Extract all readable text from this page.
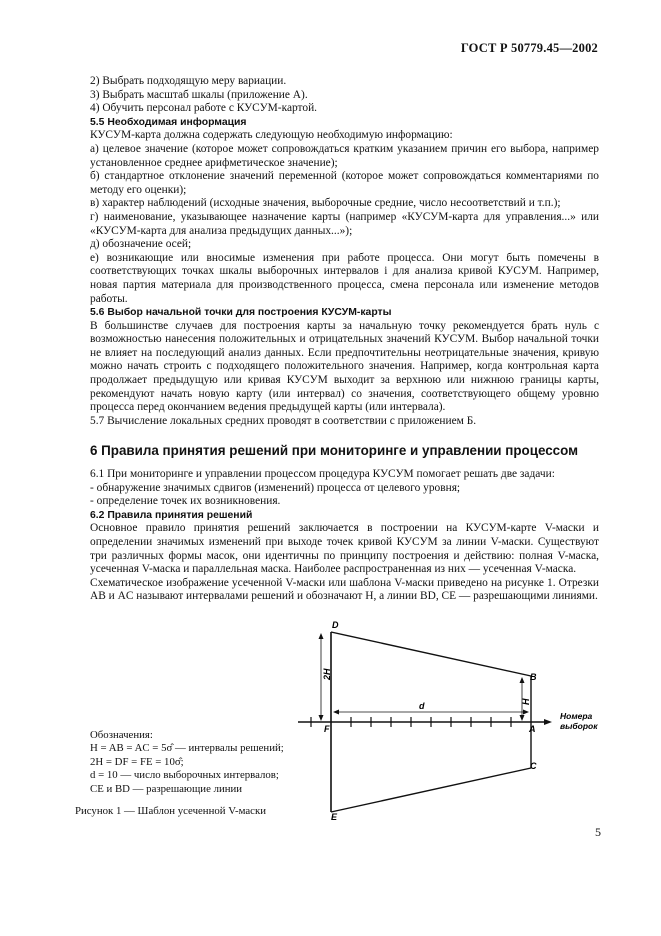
ГОСТ Р 50779.45—2002

2) Выбрать подходящую меру вариации.

3) Выбрать масштаб шкалы (приложение А).

4) Обучить персонал работе с КУСУМ-картой.

5.5 Необходимая информация

КУСУМ-карта должна содержать следующую необходимую информацию:

а) целевое значение (которое может сопровождаться кратким указанием причин его выбора, например установленное среднее арифметическое значение);

б) стандартное отклонение значений переменной (которое может сопровождаться комментариями по методу его оценки);

в) характер наблюдений (исходные значения, выборочные средние, число несоответствий и т.п.);

г) наименование, указывающее назначение карты (например «КУСУМ-карта для управления...» или «КУСУМ-карта для анализа предыдущих данных...»);

д) обозначение осей;

е) возникающие или вносимые изменения при работе процесса. Они могут быть помечены в соответствующих точках шкалы выборочных интервалов i для анализа кривой КУСУМ. Например, новая партия материала для производственного процесса, смена персонала или изменение методов работы.

5.6 Выбор начальной точки для построения КУСУМ-карты

В большинстве случаев для построения карты за начальную точку рекомендуется брать нуль с возможностью нанесения положительных и отрицательных значений КУСУМ. Выбор начальной точки не влияет на последующий анализ данных. Если предпочтительны неотрицательные значения, кривую можно начать строить с подходящего положительного значения. Например, когда контрольная карта продолжает предыдущую или кривая КУСУМ выходит за верхнюю или нижнюю границы карты, рекомендуют начать новую карту (или интервал) со значения, соответствующего общему уровню процесса перед окончанием ведения предыдущей карты (или интервала).

5.7 Вычисление локальных средних проводят в соответствии с приложением Б.

6 Правила принятия решений при мониторинге и управлении процессом

6.1 При мониторинге и управлении процессом процедура КУСУМ помогает решать две задачи:

- обнаружение значимых сдвигов (изменений) процесса от целевого уровня;

- определение точек их возникновения.

6.2 Правила принятия решений

Основное правило принятия решений заключается в построении на КУСУМ-карте V-маски и определении значимых изменений при выходе точек кривой КУСУМ за линии V-маски. Существуют три различных формы масок, они идентичны по принципу построения и действию: полная V-маска, усеченная V-маска и параллельная маска. Наиболее распространенная из них — усеченная V-маска.

Схематическое изображение усеченной V-маски или шаблона V-маски приведено на рисунке 1. Отрезки AB и AC называют интервалами решений и обозначают H, а линии BD, CE — разрешающими линиями.

D
B
F	A
C
E
2H
H
d
Номера
выборок
Обозначения:
H = AB = AC = 5σ̂ — интервалы решений;
2H = DF = FE = 10σ̂;
d = 10 — число выборочных интервалов;
CE и BD — разрешающие линии
Рисунок 1 — Шаблон усеченной V-маски
5
